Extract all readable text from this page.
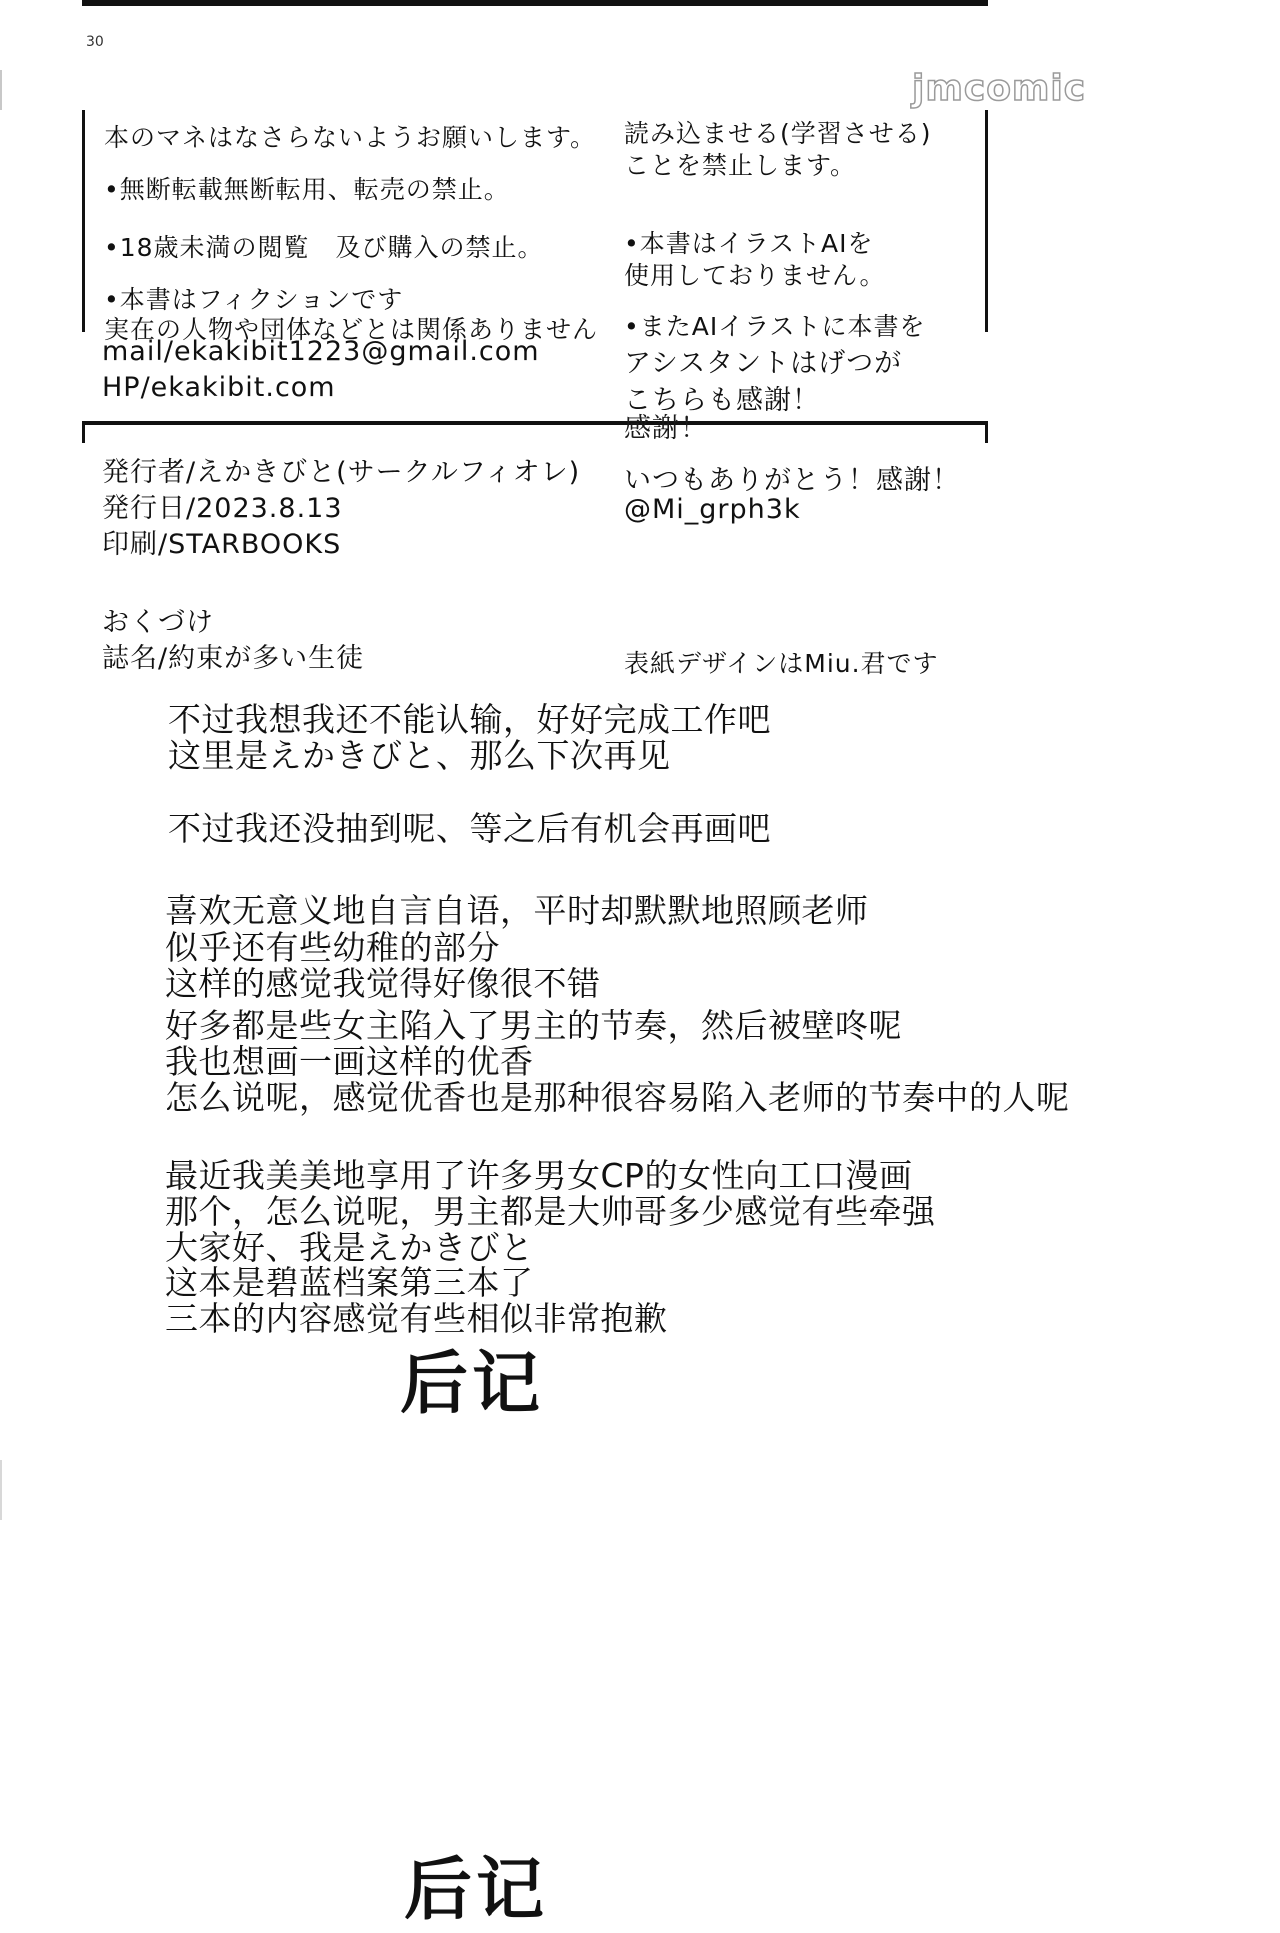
30
jmcomic
本のマネはなさらないようお願いします。
•無断転載無断転用、転売の禁止。
•18歳未満の閲覧　及び購入の禁止。
•本書はフィクションです
実在の人物や団体などとは関係ありません
読み込ませる(学習させる)
ことを禁止します。
•本書はイラストAIを
使用しておりません。
•またAIイラストに本書を
mail/ekakibit1223@gmail.com
HP/ekakibit.com
アシスタントはげつが
こちらも感謝！
感謝！
発行者/えかきびと(サークルフィオレ)
発行日/2023.8.13
印刷/STARBOOKS
おくづけ
誌名/約束が多い生徒
いつもありがとう！感謝！
@Mi_grph3k
表紙デザインはMiu.君です
不过我想我还不能认输，好好完成工作吧
这里是えかきびと、那么下次再见
不过我还没抽到呢、等之后有机会再画吧
喜欢无意义地自言自语，平时却默默地照顾老师
似乎还有些幼稚的部分
这样的感觉我觉得好像很不错
好多都是些女主陷入了男主的节奏，然后被壁咚呢
我也想画一画这样的优香
怎么说呢，感觉优香也是那种很容易陷入老师的节奏中的人呢
最近我美美地享用了许多男女CP的女性向工口漫画
那个，怎么说呢，男主都是大帅哥多少感觉有些牵强
大家好、我是えかきびと
这本是碧蓝档案第三本了
三本的内容感觉有些相似非常抱歉
后记
后记
